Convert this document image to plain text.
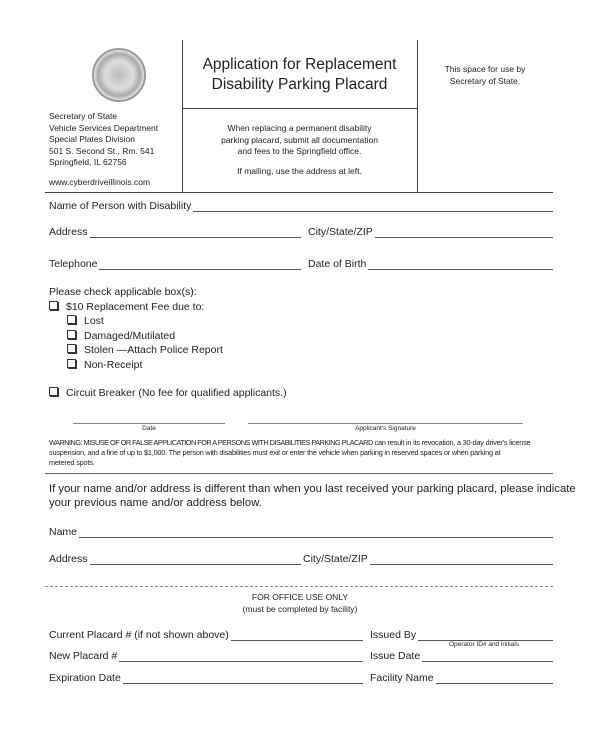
Application for Replacement
Disability Parking Placard
This space for use by
Secretary of State.
Secretary of State
Vehicle Services Department
Special Plates Division
501 S. Second St., Rm. 541
Springfield, IL 62756
www.cyberdriveillinois.com
When replacing a permanent disability
parking placard, submit all documentation
and fees to the Springfield office.
If mailing, use the address at left.
Name of Person with Disability
Address	City/State/ZIP
Telephone	Date of Birth
Please check applicable box(s):
$10 Replacement Fee due to:
Lost
Damaged/Mutilated
Stolen —Attach Police Report
Non-Receipt
Circuit Breaker (No fee for qualified applicants.)
Date	Applicant's Signature
WARNING: MISUSE OF OR FALSE APPLICATION FOR A PERSONS WITH DISABILITIES PARKING PLACARD can result in its revocation, a 30-day driver's license
suspension, and a fine of up to $1,000. The person with disabilities must exit or enter the vehicle when parking in reserved spaces or when parking at
metered spots.
If your name and/or address is different than when you last received your parking placard, please indicate
your previous name and/or address below.
Name
Address	City/State/ZIP
FOR OFFICE USE ONLY
(must be completed by facility)
Current Placard # (if not shown above)	Issued By
Operator ID# and initials
New Placard #	Issue Date
Expiration Date	Facility Name
